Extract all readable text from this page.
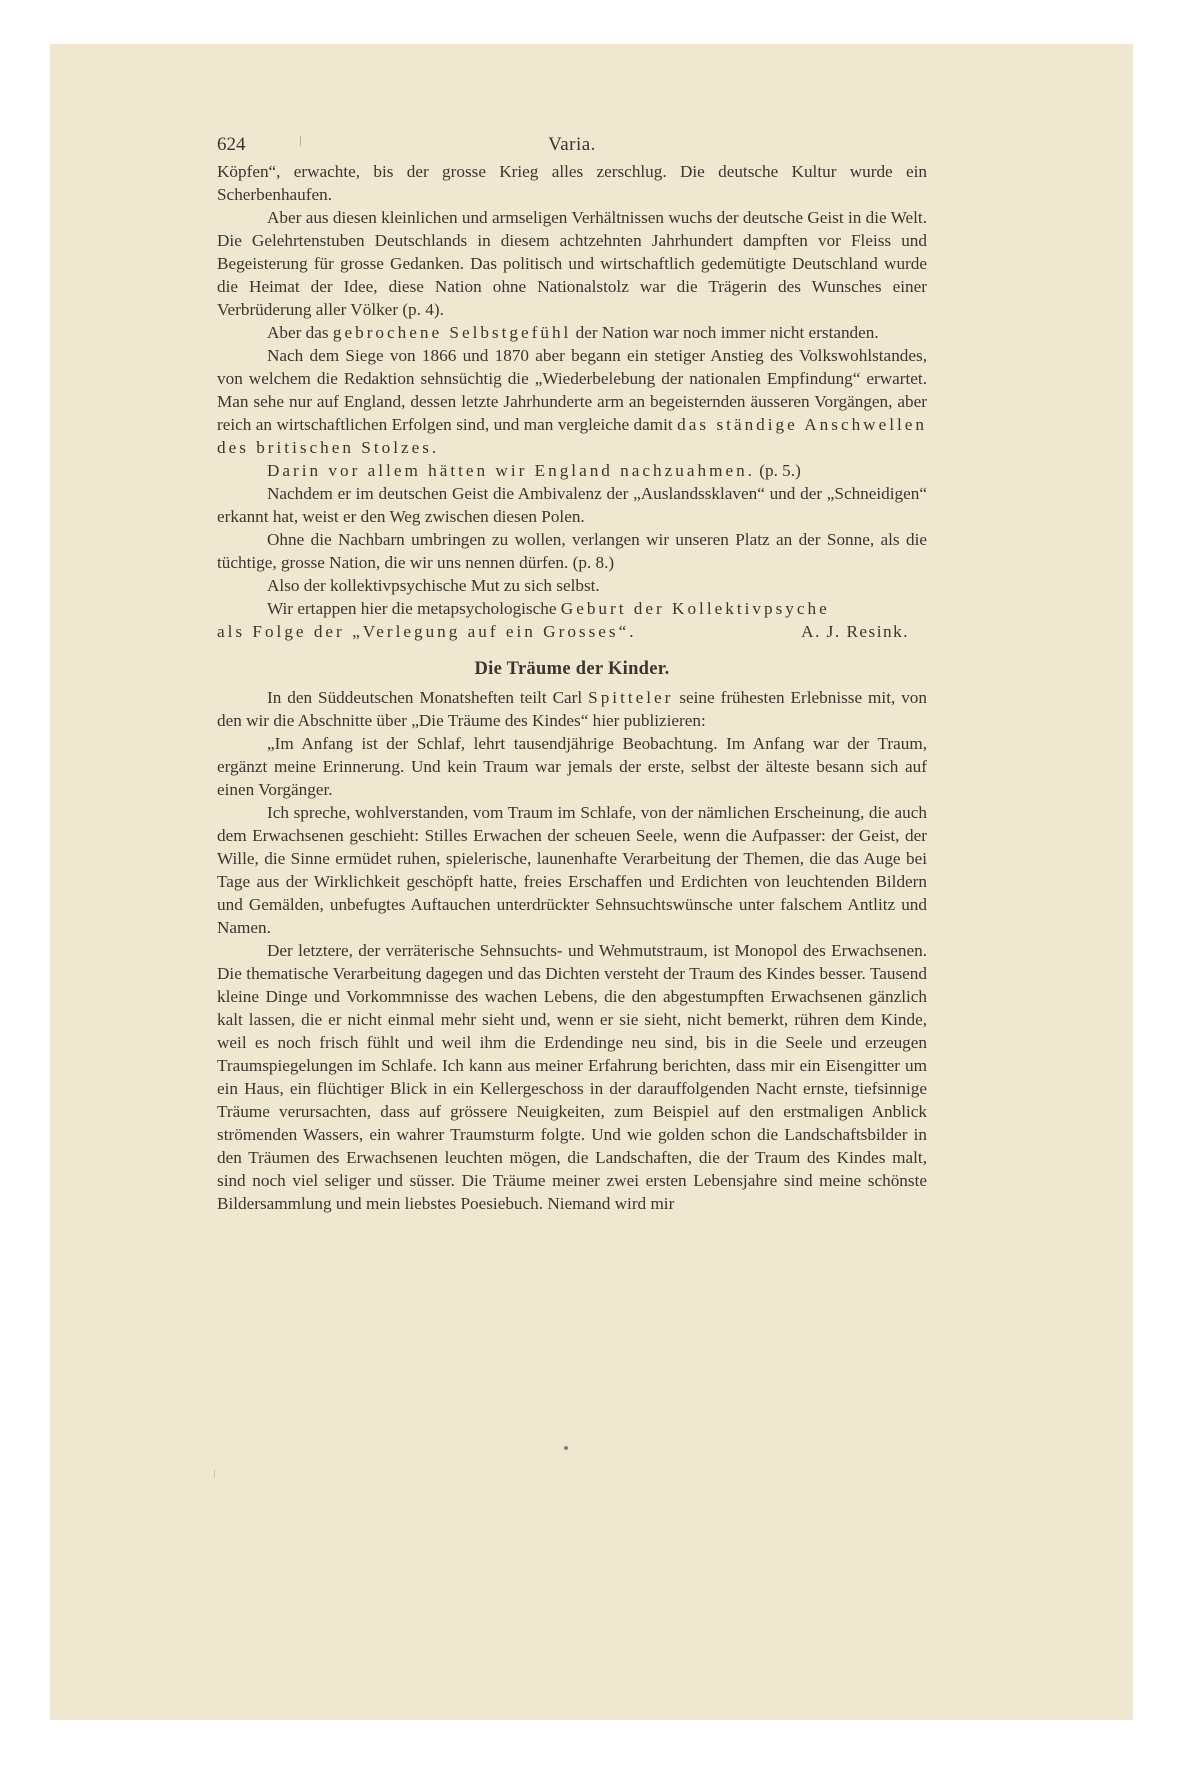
624	Varia.

Köpfen“, erwachte, bis der grosse Krieg alles zerschlug. Die deutsche Kultur wurde ein Scherbenhaufen.

Aber aus diesen kleinlichen und armseligen Verhältnissen wuchs der deutsche Geist in die Welt. Die Gelehrtenstuben Deutschlands in diesem achtzehnten Jahrhundert dampften vor Fleiss und Begeisterung für grosse Gedanken. Das politisch und wirtschaftlich gedemütigte Deutschland wurde die Heimat der Idee, diese Nation ohne Nationalstolz war die Trägerin des Wunsches einer Verbrüderung aller Völker (p. 4).

Aber das gebrochene Selbstgefühl der Nation war noch immer nicht erstanden.

Nach dem Siege von 1866 und 1870 aber begann ein stetiger Anstieg des Volkswohlstandes, von welchem die Redaktion sehnsüchtig die „Wiederbelebung der nationalen Empfindung“ erwartet. Man sehe nur auf England, dessen letzte Jahrhunderte arm an begeisternden äusseren Vorgängen, aber reich an wirtschaftlichen Erfolgen sind, und man vergleiche damit das ständige Anschwellen des britischen Stolzes.

Darin vor allem hätten wir England nachzuahmen. (p. 5.)

Nachdem er im deutschen Geist die Ambivalenz der „Auslandssklaven“ und der „Schneidigen“ erkannt hat, weist er den Weg zwischen diesen Polen.

Ohne die Nachbarn umbringen zu wollen, verlangen wir unseren Platz an der Sonne, als die tüchtige, grosse Nation, die wir uns nennen dürfen. (p. 8.)

Also der kollektivpsychische Mut zu sich selbst.

Wir ertappen hier die metapsychologische Geburt der Kollektivpsyche

als Folge der „Verlegung auf ein Grosses“.	A. J. Resink.

Die Träume der Kinder.

In den Süddeutschen Monatsheften teilt Carl Spitteler seine frühesten Erlebnisse mit, von den wir die Abschnitte über „Die Träume des Kindes“ hier publizieren:

„Im Anfang ist der Schlaf, lehrt tausendjährige Beobachtung. Im Anfang war der Traum, ergänzt meine Erinnerung. Und kein Traum war jemals der erste, selbst der älteste besann sich auf einen Vorgänger.

Ich spreche, wohlverstanden, vom Traum im Schlafe, von der nämlichen Erscheinung, die auch dem Erwachsenen geschieht: Stilles Erwachen der scheuen Seele, wenn die Aufpasser: der Geist, der Wille, die Sinne ermüdet ruhen, spielerische, launenhafte Verarbeitung der Themen, die das Auge bei Tage aus der Wirklichkeit geschöpft hatte, freies Erschaffen und Erdichten von leuchtenden Bildern und Gemälden, unbefugtes Auftauchen unterdrückter Sehnsuchtswünsche unter falschem Antlitz und Namen.

Der letztere, der verräterische Sehnsuchts- und Wehmutstraum, ist Monopol des Erwachsenen. Die thematische Verarbeitung dagegen und das Dichten versteht der Traum des Kindes besser. Tausend kleine Dinge und Vorkommnisse des wachen Lebens, die den abgestumpften Erwachsenen gänzlich kalt lassen, die er nicht einmal mehr sieht und, wenn er sie sieht, nicht bemerkt, rühren dem Kinde, weil es noch frisch fühlt und weil ihm die Erdendinge neu sind, bis in die Seele und erzeugen Traumspiegelungen im Schlafe. Ich kann aus meiner Erfahrung berichten, dass mir ein Eisengitter um ein Haus, ein flüchtiger Blick in ein Kellergeschoss in der darauffolgenden Nacht ernste, tiefsinnige Träume verursachten, dass auf grössere Neuigkeiten, zum Beispiel auf den erstmaligen Anblick strömenden Wassers, ein wahrer Traumsturm folgte. Und wie golden schon die Landschaftsbilder in den Träumen des Erwachsenen leuchten mögen, die Landschaften, die der Traum des Kindes malt, sind noch viel seliger und süsser. Die Träume meiner zwei ersten Lebensjahre sind meine schönste Bildersammlung und mein liebstes Poesiebuch. Niemand wird mir
